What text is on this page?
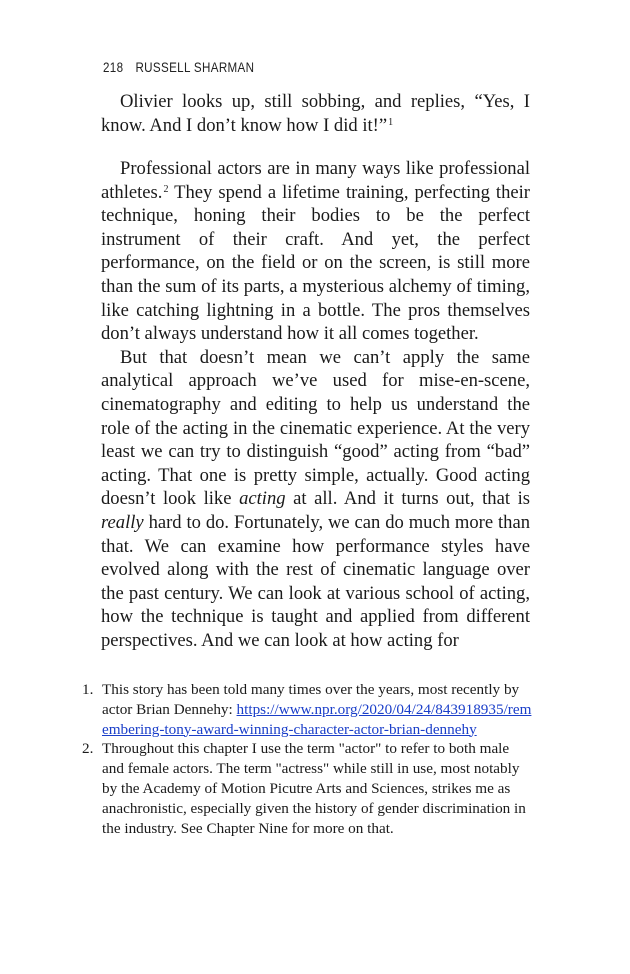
218 RUSSELL SHARMAN

Olivier looks up, still sobbing, and replies, “Yes, I know. And I don’t know how I did it!”$^1$

Professional actors are in many ways like professional athletes.$^2$ They spend a lifetime training, perfecting their technique, honing their bodies to be the perfect instrument of their craft. And yet, the perfect performance, on the field or on the screen, is still more than the sum of its parts, a mysterious alchemy of timing, like catching lightning in a bottle. The pros themselves don’t always understand how it all comes together.

But that doesn’t mean we can’t apply the same analytical approach we’ve used for mise-en-scene, cinematography and editing to help us understand the role of the acting in the cinematic experience. At the very least we can try to distinguish “good” acting from “bad” acting. That one is pretty simple, actually. Good acting doesn’t look like acting at all. And it turns out, that is really hard to do. Fortunately, we can do much more than that. We can examine how performance styles have evolved along with the rest of cinematic language over the past century. We can look at various school of acting, how the technique is taught and applied from different perspectives. And we can look at how acting for

1. This story has been told many times over the years, most recently by actor Brian Dennehy: https://www.npr.org/2020/04/24/843918935/remembering-tony-award-winning-character-actor-brian-dennehy
2. Throughout this chapter I use the term "actor" to refer to both male and female actors. The term "actress" while still in use, most notably by the Academy of Motion Picutre Arts and Sciences, strikes me as anachronistic, especially given the history of gender discrimination in the industry. See Chapter Nine for more on that.
